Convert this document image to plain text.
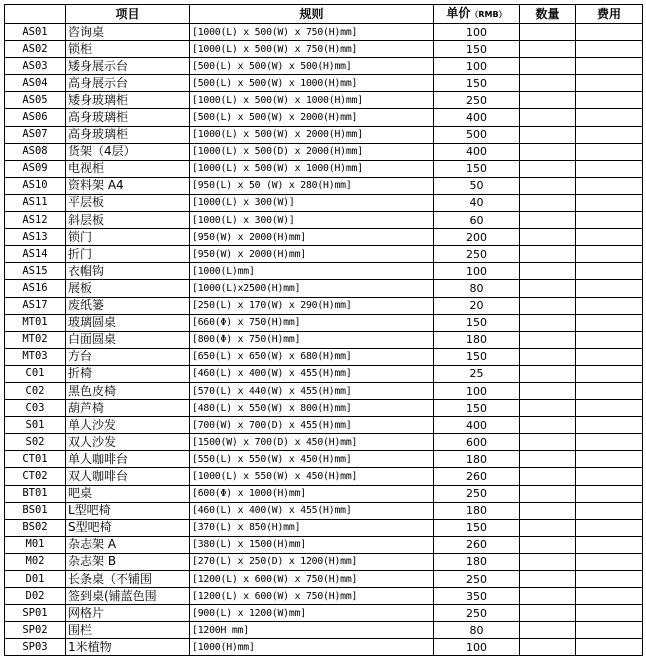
	项目	规则	单价（RMB）	数量	费用
AS01	咨询桌	[1000(L) x 500(W) x 750(H)mm]	100		
AS02	锁柜	[1000(L) x 500(W) x 750(H)mm]	150		
AS03	矮身展示台	[500(L) x 500(W) x 500(H)mm]	100		
AS04	高身展示台	[500(L) x 500(W) x 1000(H)mm]	150		
AS05	矮身玻璃柜	[1000(L) x 500(W) x 1000(H)mm]	250		
AS06	高身玻璃柜	[500(L) x 500(W) x 2000(H)mm]	400		
AS07	高身玻璃柜	[1000(L) x 500(W) x 2000(H)mm]	500		
AS08	货架（4层）	[1000(L) x 500(D) x 2000(H)mm]	400		
AS09	电视柜	[1000(L) x 500(W) x 1000(H)mm]	150		
AS10	资料架 A4	[950(L) x 50 (W) x 280(H)mm]	50		
AS11	平层板	[1000(L) x 300(W)]	40		
AS12	斜层板	[1000(L) x 300(W)]	60		
AS13	锁门	[950(W) x 2000(H)mm]	200		
AS14	折门	[950(W) x 2000(H)mm]	250		
AS15	衣帽钩	[1000(L)mm]	100		
AS16	展板	[1000(L)x2500(H)mm]	80		
AS17	废纸篓	[250(L) x 170(W) x 290(H)mm]	20		
MT01	玻璃圆桌	[660(Φ) x 750(H)mm]	150		
MT02	白面圆桌	[800(Φ) x 750(H)mm]	180		
MT03	方台	[650(L) x 650(W) x 680(H)mm]	150		
C01	折椅	[460(L) x 400(W) x 455(H)mm]	25		
C02	黑色皮椅	[570(L) x 440(W) x 455(H)mm]	100		
C03	葫芦椅	[480(L) x 550(W) x 800(H)mm]	150		
S01	单人沙发	[700(W) x 700(D) x 455(H)mm]	400		
S02	双人沙发	[1500(W) x 700(D) x 450(H)mm]	600		
CT01	单人咖啡台	[550(L) x 550(W) x 450(H)mm]	180		
CT02	双人咖啡台	[1000(L) x 550(W) x 450(H)mm]	260		
BT01	吧桌	[600(Φ) x 1000(H)mm]	250		
BS01	L型吧椅	[460(L) x 400(W) x 455(H)mm]	180		
BS02	S型吧椅	[370(L) x 850(H)mm]	150		
M01	杂志架 A	[380(L) x 1500(H)mm]	260		
M02	杂志架 B	[270(L) x 250(D) x 1200(H)mm]	180		
D01	长条桌（不铺围	[1200(L) x 600(W) x 750(H)mm]	250		
D02	签到桌(铺蓝色围	[1200(L) x 600(W) x 750(H)mm]	350		
SP01	网格片	[900(L) x 1200(W)mm]	250		
SP02	围栏	[1200H mm]	80		
SP03	1米植物	[1000(H)mm]	100		
